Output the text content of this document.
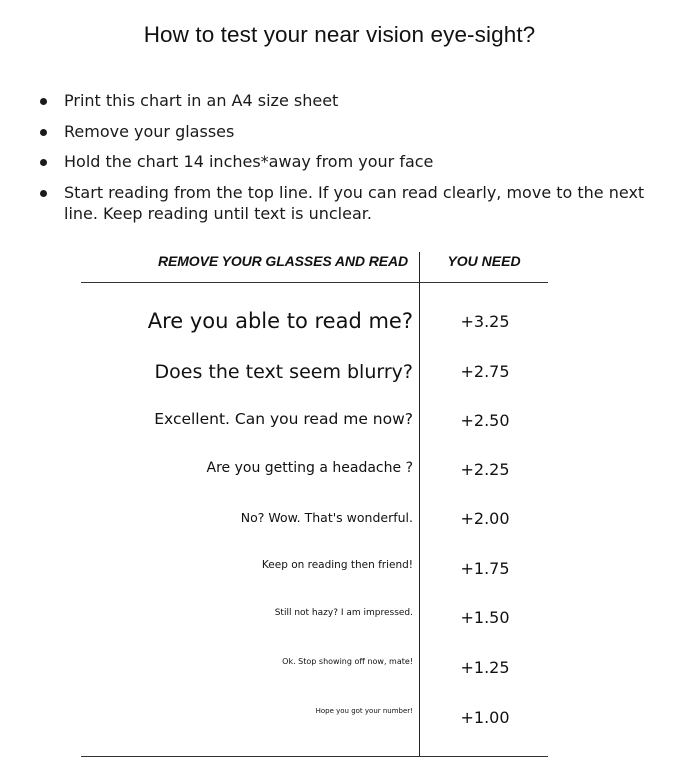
How to test your near vision eye-sight?
Print this chart in an A4 size sheet
Remove your glasses
Hold the chart 14 inches*away from your face
Start reading from the top line. If you can read clearly, move to the next line. Keep reading until text is unclear.
REMOVE YOUR GLASSES AND READ	YOU NEED
Are you able to read me?	+3.25
Does the text seem blurry?	+2.75
Excellent. Can you read me now?	+2.50
Are you getting a headache ?	+2.25
No? Wow. That's wonderful.	+2.00
Keep on reading then friend!	+1.75
Still not hazy? I am impressed.	+1.50
Ok. Stop showing off now, mate!	+1.25
Hope you got your number!	+1.00
